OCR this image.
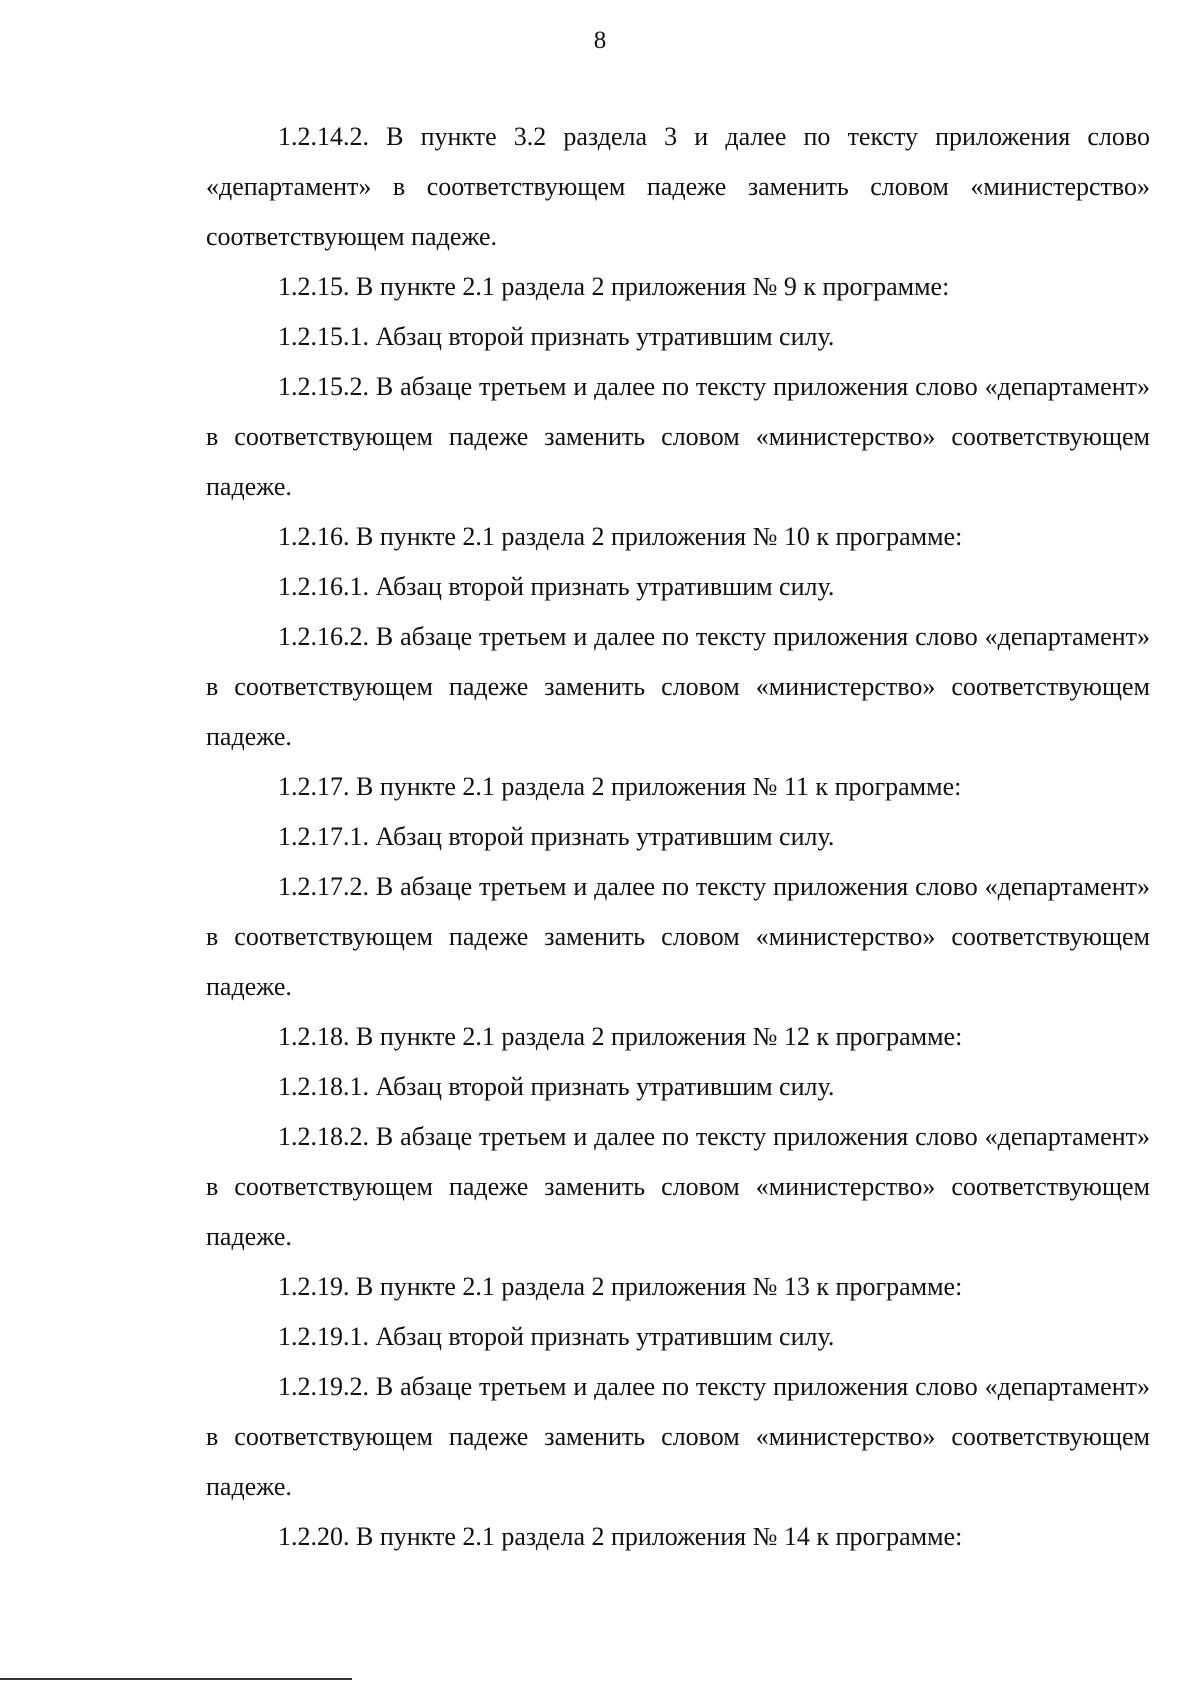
8

1.2.14.2. В пункте 3.2 раздела 3 и далее по тексту приложения слово «департамент» в соответствующем падеже заменить словом «министерство» соответствующем падеже.

1.2.15. В пункте 2.1 раздела 2 приложения № 9 к программе:

1.2.15.1. Абзац второй признать утратившим силу.

1.2.15.2. В абзаце третьем и далее по тексту приложения слово «департамент» в соответствующем падеже заменить словом «министерство» соответствующем падеже.

1.2.16. В пункте 2.1 раздела 2 приложения № 10 к программе:

1.2.16.1. Абзац второй признать утратившим силу.

1.2.16.2. В абзаце третьем и далее по тексту приложения слово «департамент» в соответствующем падеже заменить словом «министерство» соответствующем падеже.

1.2.17. В пункте 2.1 раздела 2 приложения № 11 к программе:

1.2.17.1. Абзац второй признать утратившим силу.

1.2.17.2. В абзаце третьем и далее по тексту приложения слово «департамент» в соответствующем падеже заменить словом «министерство» соответствующем падеже.

1.2.18. В пункте 2.1 раздела 2 приложения № 12 к программе:

1.2.18.1. Абзац второй признать утратившим силу.

1.2.18.2. В абзаце третьем и далее по тексту приложения слово «департамент» в соответствующем падеже заменить словом «министерство» соответствующем падеже.

1.2.19. В пункте 2.1 раздела 2 приложения № 13 к программе:

1.2.19.1. Абзац второй признать утратившим силу.

1.2.19.2. В абзаце третьем и далее по тексту приложения слово «департамент» в соответствующем падеже заменить словом «министерство» соответствующем падеже.

1.2.20. В пункте 2.1 раздела 2 приложения № 14 к программе:
